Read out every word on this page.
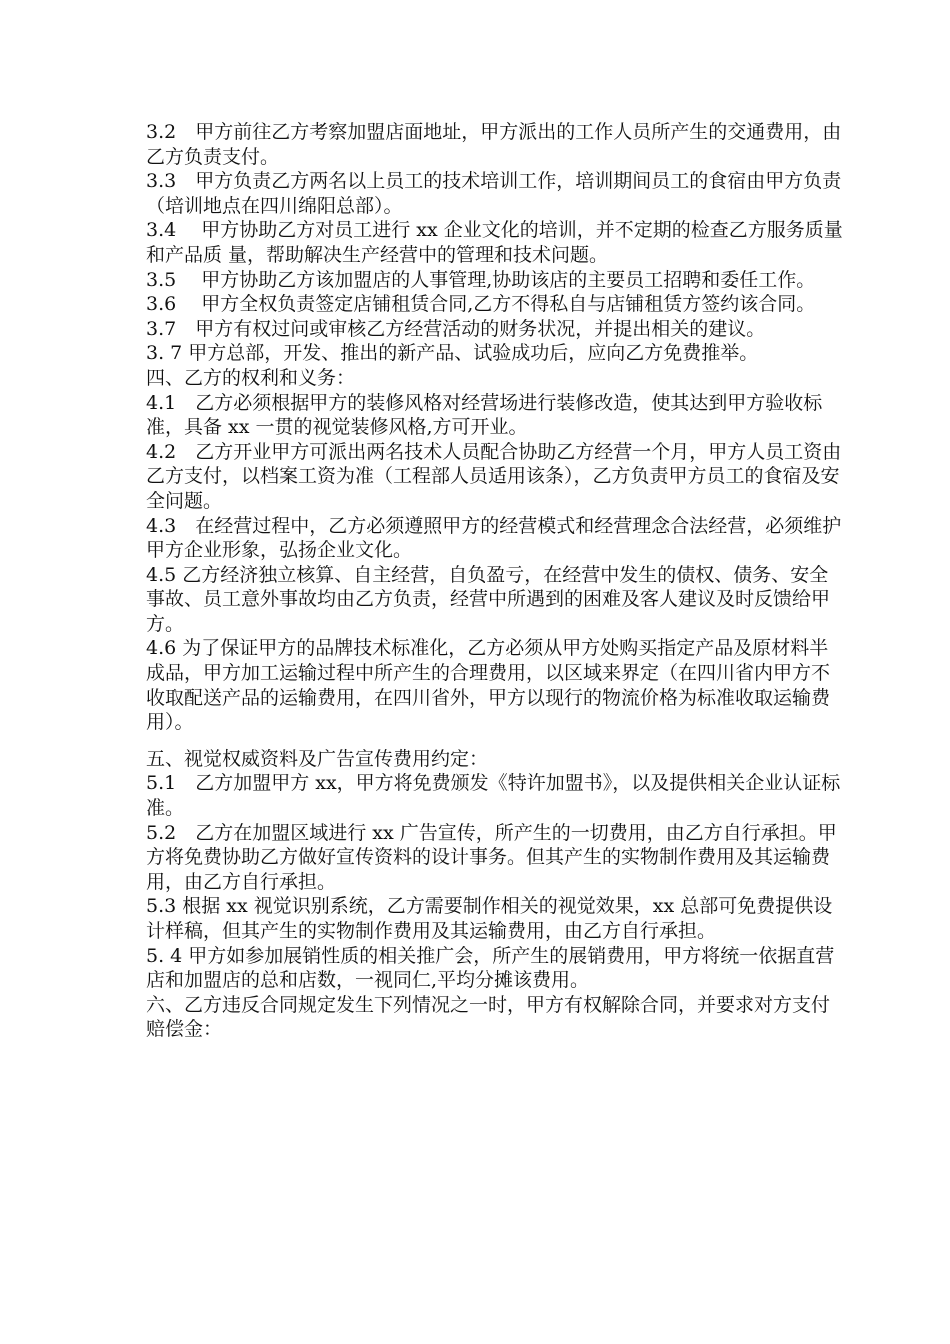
3.2　甲方前往乙方考察加盟店面地址，甲方派出的工作人员所产生的交通费用，由乙方负责支付。

3.3　甲方负责乙方两名以上员工的技术培训工作，培训期间员工的食宿由甲方负责（培训地点在四川绵阳总部）。

3.4　 甲方协助乙方对员工进行 xx 企业文化的培训，并不定期的检查乙方服务质量和产品质 量，帮助解决生产经营中的管理和技术问题。

3.5　 甲方协助乙方该加盟店的人事管理,协助该店的主要员工招聘和委任工作。

3.6　 甲方全权负责签定店铺租赁合同,乙方不得私自与店铺租赁方签约该合同。

3.7　甲方有权过问或审核乙方经营活动的财务状况，并提出相关的建议。

3. 7 甲方总部，开发、推出的新产品、试验成功后，应向乙方免费推举。

四、乙方的权利和义务：

4.1　乙方必须根据甲方的装修风格对经营场进行装修改造，使其达到甲方验收标准，具备 xx 一贯的视觉装修风格,方可开业。

4.2　乙方开业甲方可派出两名技术人员配合协助乙方经营一个月，甲方人员工资由乙方支付，以档案工资为准（工程部人员适用该条），乙方负责甲方员工的食宿及安全问题。

4.3　在经营过程中，乙方必须遵照甲方的经营模式和经营理念合法经营，必须维护甲方企业形象，弘扬企业文化。

4.5 乙方经济独立核算、自主经营，自负盈亏，在经营中发生的债权、债务、安全事故、员工意外事故均由乙方负责，经营中所遇到的困难及客人建议及时反馈给甲方。

4.6 为了保证甲方的品牌技术标准化，乙方必须从甲方处购买指定产品及原材料半成品，甲方加工运输过程中所产生的合理费用，以区域来界定（在四川省内甲方不收取配送产品的运输费用，在四川省外，甲方以现行的物流价格为标准收取运输费用）。

五、视觉权威资料及广告宣传费用约定：

5.1　乙方加盟甲方 xx，甲方将免费颁发《特许加盟书》，以及提供相关企业认证标准。

5.2　乙方在加盟区域进行 xx 广告宣传，所产生的一切费用，由乙方自行承担。甲方将免费协助乙方做好宣传资料的设计事务。但其产生的实物制作费用及其运输费用，由乙方自行承担。

5.3 根据 xx 视觉识别系统，乙方需要制作相关的视觉效果，xx 总部可免费提供设计样稿，但其产生的实物制作费用及其运输费用，由乙方自行承担。

5. 4 甲方如参加展销性质的相关推广会，所产生的展销费用，甲方将统一依据直营店和加盟店的总和店数，一视同仁,平均分摊该费用。

六、乙方违反合同规定发生下列情况之一时，甲方有权解除合同，并要求对方支付赔偿金：
